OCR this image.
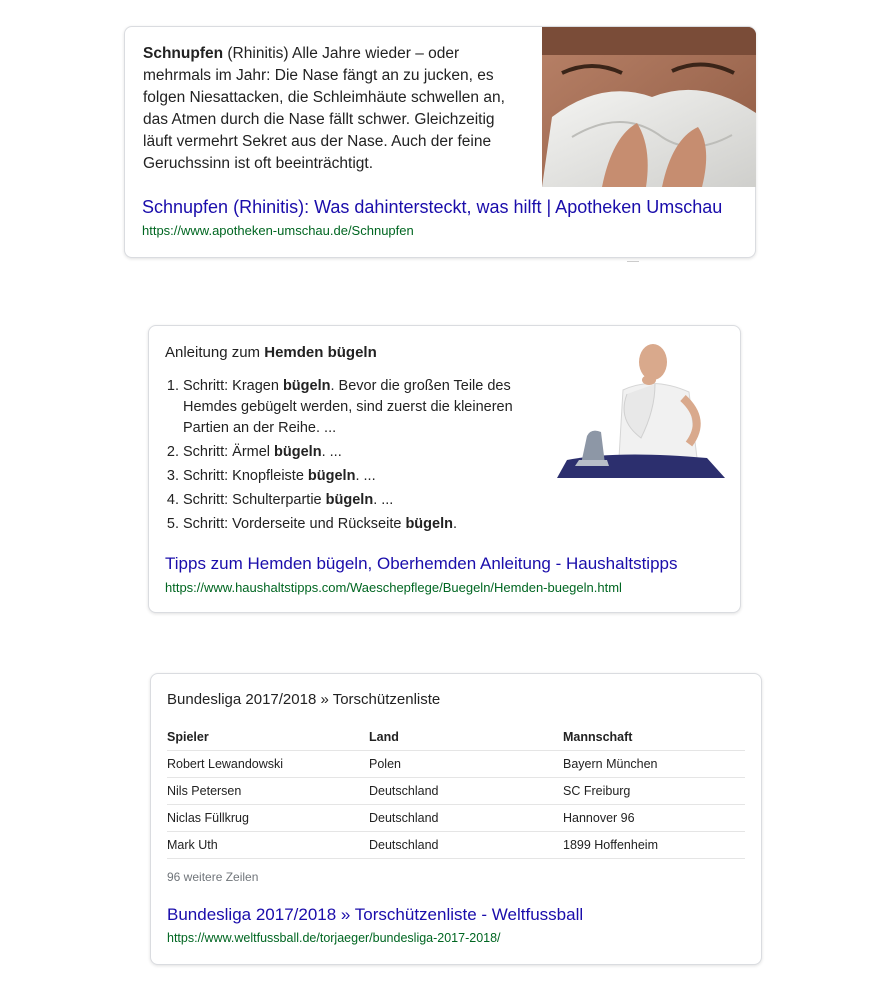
Schnupfen (Rhinitis) Alle Jahre wieder – oder mehrmals im Jahr: Die Nase fängt an zu jucken, es folgen Niesattacken, die Schleimhäute schwellen an, das Atmen durch die Nase fällt schwer. Gleichzeitig läuft vermehrt Sekret aus der Nase. Auch der feine Geruchssinn ist oft beeinträchtigt.
Schnupfen (Rhinitis): Was dahintersteckt, was hilft | Apotheken Umschau
https://www.apotheken-umschau.de/Schnupfen
Anleitung zum Hemden bügeln
1. Schritt: Kragen bügeln. Bevor die großen Teile des Hemdes gebügelt werden, sind zuerst die kleineren Partien an der Reihe. ...
2. Schritt: Ärmel bügeln. ...
3. Schritt: Knopfleiste bügeln. ...
4. Schritt: Schulterpartie bügeln. ...
5. Schritt: Vorderseite und Rückseite bügeln.
Tipps zum Hemden bügeln, Oberhemden Anleitung - Haushaltstipps
https://www.haushaltstipps.com/Waeschepflege/Buegeln/Hemden-buegeln.html
Bundesliga 2017/2018 » Torschützenliste
Spieler	Land	Mannschaft
Robert Lewandowski	Polen	Bayern München
Nils Petersen	Deutschland	SC Freiburg
Niclas Füllkrug	Deutschland	Hannover 96
Mark Uth	Deutschland	1899 Hoffenheim
96 weitere Zeilen
Bundesliga 2017/2018 » Torschützenliste - Weltfussball
https://www.weltfussball.de/torjaeger/bundesliga-2017-2018/
